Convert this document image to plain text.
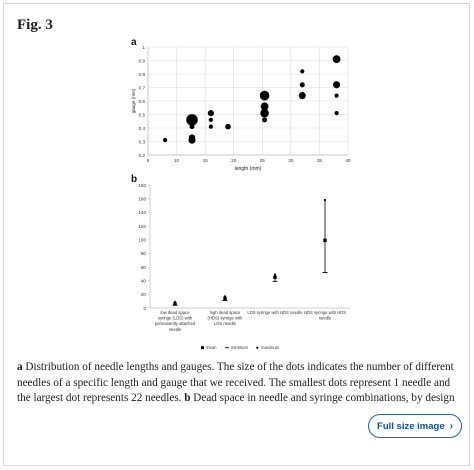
Fig. 3
a
0.2
0.3
0.4
0.5
0.6
0.7
0.8
0.9
1
5	10	15	20	25	30	35	40
length (mm)
gauge (mm)
b
0
20
40
60
80
100
120
140
160
180
low dead space
syringe (LDS) with
permanently attached
needle
high dead space
(HDS) syringe with
LDS needle
LDS syringe with HDS needle HDS syringe with HDS
needle
mean	minimum	maximum
a Distribution of needle lengths and gauges. The size of the dots indicates the number of different needles of a specific length and gauge that we received. The smallest dots represent 1 needle and the largest dot represents 22 needles. b Dead space in needle and syringe combinations, by design
Full size image ›
